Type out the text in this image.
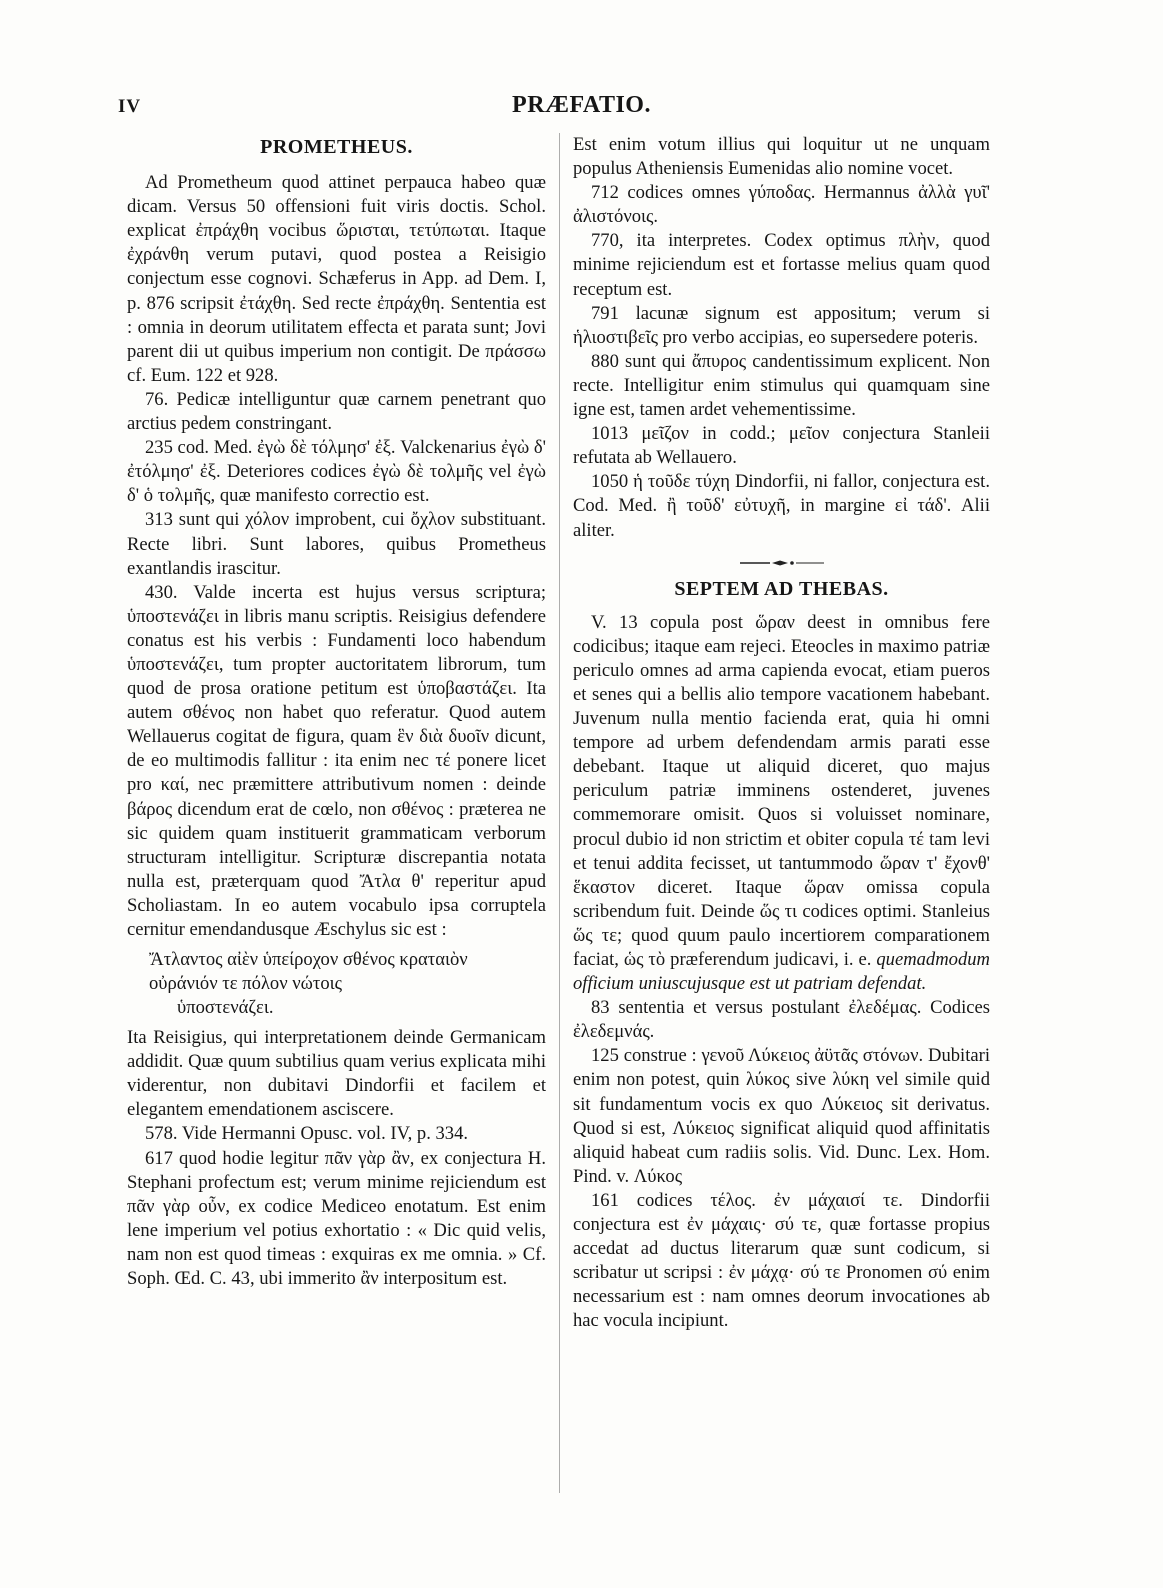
IV	PRÆFATIO.
PROMETHEUS.

Ad Prometheum quod attinet perpauca habeo quæ dicam. Versus 50 offensioni fuit viris doctis. Schol. explicat ἐπράχθη vocibus ὥρισται, τετύπωται. Itaque ἐχράνθη verum putavi, quod postea a Reisigio conjectum esse cognovi. Schæferus in App. ad Dem. I, p. 876 scripsit ἐτάχθη. Sed recte ἐπράχθη. Sententia est : omnia in deorum utilitatem effecta et parata sunt; Jovi parent dii ut quibus imperium non contigit. De πράσσω cf. Eum. 122 et 928.

76. Pedicæ intelliguntur quæ carnem penetrant quo arctius pedem constringant.

235 cod. Med. ἐγὼ δὲ τόλμησ' ἐξ. Valckenarius ἐγὼ δ' ἐτόλμησ' ἐξ. Deteriores codices ἐγὼ δὲ τολμῆς vel ἐγὼ δ' ὁ τολμῆς, quæ manifesto correctio est.

313 sunt qui χόλον improbent, cui ὄχλον substituant. Recte libri. Sunt labores, quibus Prometheus exantlandis irascitur.

430. Valde incerta est hujus versus scriptura; ὑποστενάζει in libris manu scriptis. Reisigius defendere conatus est his verbis : Fundamenti loco habendum ὑποστενάζει, tum propter auctoritatem librorum, tum quod de prosa oratione petitum est ὑποβαστάζει. Ita autem σθένος non habet quo referatur. Quod autem Wellauerus cogitat de figura, quam ἓν διὰ δυοῖν dicunt, de eo multimodis fallitur : ita enim nec τέ ponere licet pro καί, nec præmittere attributivum nomen : deinde βάρος dicendum erat de cœlo, non σθένος : præterea ne sic quidem quam instituerit grammaticam verborum structuram intelligitur. Scripturæ discrepantia notata nulla est, præterquam quod Ἄτλα θ' reperitur apud Scholiastam. In eo autem vocabulo ipsa corruptela cernitur emendandusque Æschylus sic est :

Ἄτλαντος αἰὲν ὑπείροχον σθένος κραταιὸν
οὐράνιόν τε πόλον νώτοις
ὑποστενάζει.

Ita Reisigius, qui interpretationem deinde Germanicam addidit. Quæ quum subtilius quam verius explicata mihi viderentur, non dubitavi Dindorfii et facilem et elegantem emendationem asciscere.

578. Vide Hermanni Opusc. vol. IV, p. 334.

617 quod hodie legitur πᾶν γὰρ ἂν, ex conjectura H. Stephani profectum est; verum minime rejiciendum est πᾶν γὰρ οὖν, ex codice Mediceo enotatum. Est enim lene imperium vel potius exhortatio : « Dic quid velis, nam non est quod timeas : exquiras ex me omnia. » Cf. Soph. Œd. C. 43, ubi immerito ἂν interpositum est.

Est enim votum illius qui loquitur ut ne unquam populus Atheniensis Eumenidas alio nomine vocet.

712 codices omnes γύποδας. Hermannus ἀλλὰ γυῖ' ἀλιστόνοις.

770, ita interpretes. Codex optimus πλὴν, quod minime rejiciendum est et fortasse melius quam quod receptum est.

791 lacunæ signum est appositum; verum si ἡλιοστιβεῖς pro verbo accipias, eo supersedere poteris.

880 sunt qui ἄπυρος candentissimum explicent. Non recte. Intelligitur enim stimulus qui quamquam sine igne est, tamen ardet vehementissime.

1013 μεῖζον in codd.; μεῖον conjectura Stanleii refutata ab Wellauero.

1050 ἡ τοῦδε τύχη Dindorfii, ni fallor, conjectura est. Cod. Med. ἢ τοῦδ' εὐτυχῆ, in margine εἰ τάδ'. Alii aliter.

SEPTEM AD THEBAS.

V. 13 copula post ὥραν deest in omnibus fere codicibus; itaque eam rejeci. Eteocles in maximo patriæ periculo omnes ad arma capienda evocat, etiam pueros et senes qui a bellis alio tempore vacationem habebant. Juvenum nulla mentio facienda erat, quia hi omni tempore ad urbem defendendam armis parati esse debebant. Itaque ut aliquid diceret, quo majus periculum patriæ imminens ostenderet, juvenes commemorare omisit. Quos si voluisset nominare, procul dubio id non strictim et obiter copula τέ tam levi et tenui addita fecisset, ut tantummodo ὥραν τ' ἔχονθ' ἕκαστον diceret. Itaque ὥραν omissa copula scribendum fuit. Deinde ὥς τι codices optimi. Stanleius ὥς τε; quod quum paulo incertiorem comparationem faciat, ὡς τὸ præferendum judicavi, i. e. quemadmodum officium uniuscujusque est ut patriam defendat.

83 sententia et versus postulant ἐλεδέμας. Codices ἐλεδεμνάς.

125 construe : γενοῦ Λύκειος ἀϋτᾶς στόνων. Dubitari enim non potest, quin λύκος sive λύκη vel simile quid sit fundamentum vocis ex quo Λύκειος sit derivatus. Quod si est, Λύκειος significat aliquid quod affinitatis aliquid habeat cum radiis solis. Vid. Dunc. Lex. Hom. Pind. v. Λύκος

161 codices τέλος. ἐν μάχαισί τε. Dindorfii conjectura est ἐν μάχαις· σύ τε, quæ fortasse propius accedat ad ductus literarum quæ sunt codicum, si scribatur ut scripsi : ἐν μάχᾳ· σύ τε Pronomen σύ enim necessarium est : nam omnes deorum invocationes ab hac vocula incipiunt.
